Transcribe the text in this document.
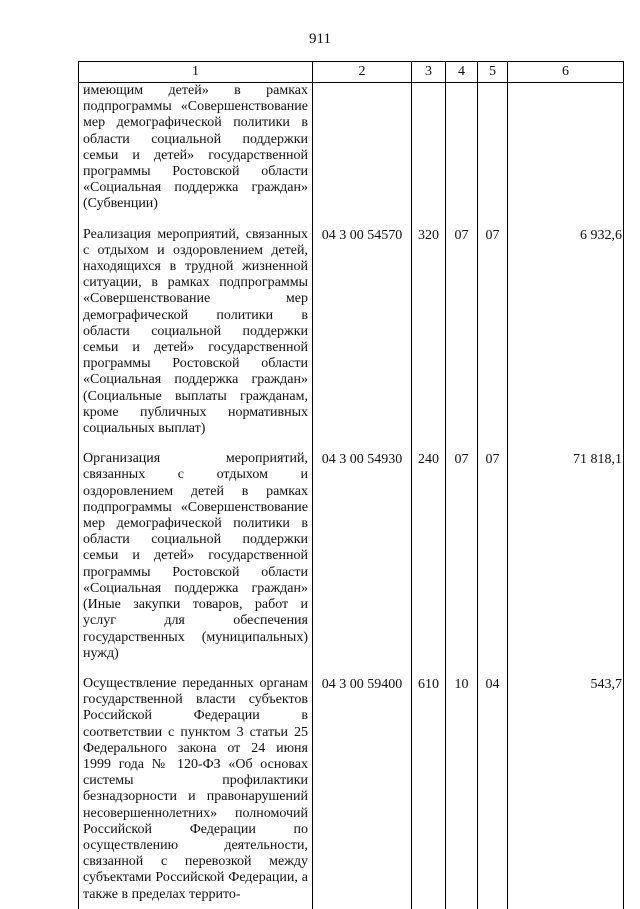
911
1	2	3	4	5	6
имеющим детей» в рамках подпрограммы «Совершенствование мер демографической политики в области социальной поддержки семьи и детей» государственной программы Ростовской области «Социальная поддержка граждан» (Субвенции)					
Реализация мероприятий, связанных с отдыхом и оздоровлением детей, находящихся в трудной жизненной ситуации, в рамках подпрограммы «Совершенствование мер демографической политики в области социальной поддержки семьи и детей» государственной программы Ростовской области «Социальная поддержка граждан» (Социальные выплаты гражданам, кроме публичных нормативных социальных выплат)	04 3 00 54570	320	07	07	6 932,6
Организация мероприятий, связанных с отдыхом и оздоровлением детей в рамках подпрограммы «Совершенствование мер демографической политики в области социальной поддержки семьи и детей» государственной программы Ростовской области «Социальная поддержка граждан» (Иные закупки товаров, работ и услуг для обеспечения государственных (муниципальных) нужд)	04 3 00 54930	240	07	07	71 818,1
Осуществление переданных органам государственной власти субъектов Российской Федерации в соответствии с пунктом 3 статьи 25 Федерального закона от 24 июня 1999 года № 120-ФЗ «Об основах системы профилактики безнадзорности и правонарушений несовершеннолетних» полномочий Российской Федерации по осуществлению деятельности, связанной с перевозкой между субъектами Российской Федерации, а также в пределах террито-	04 3 00 59400	610	10	04	543,7
